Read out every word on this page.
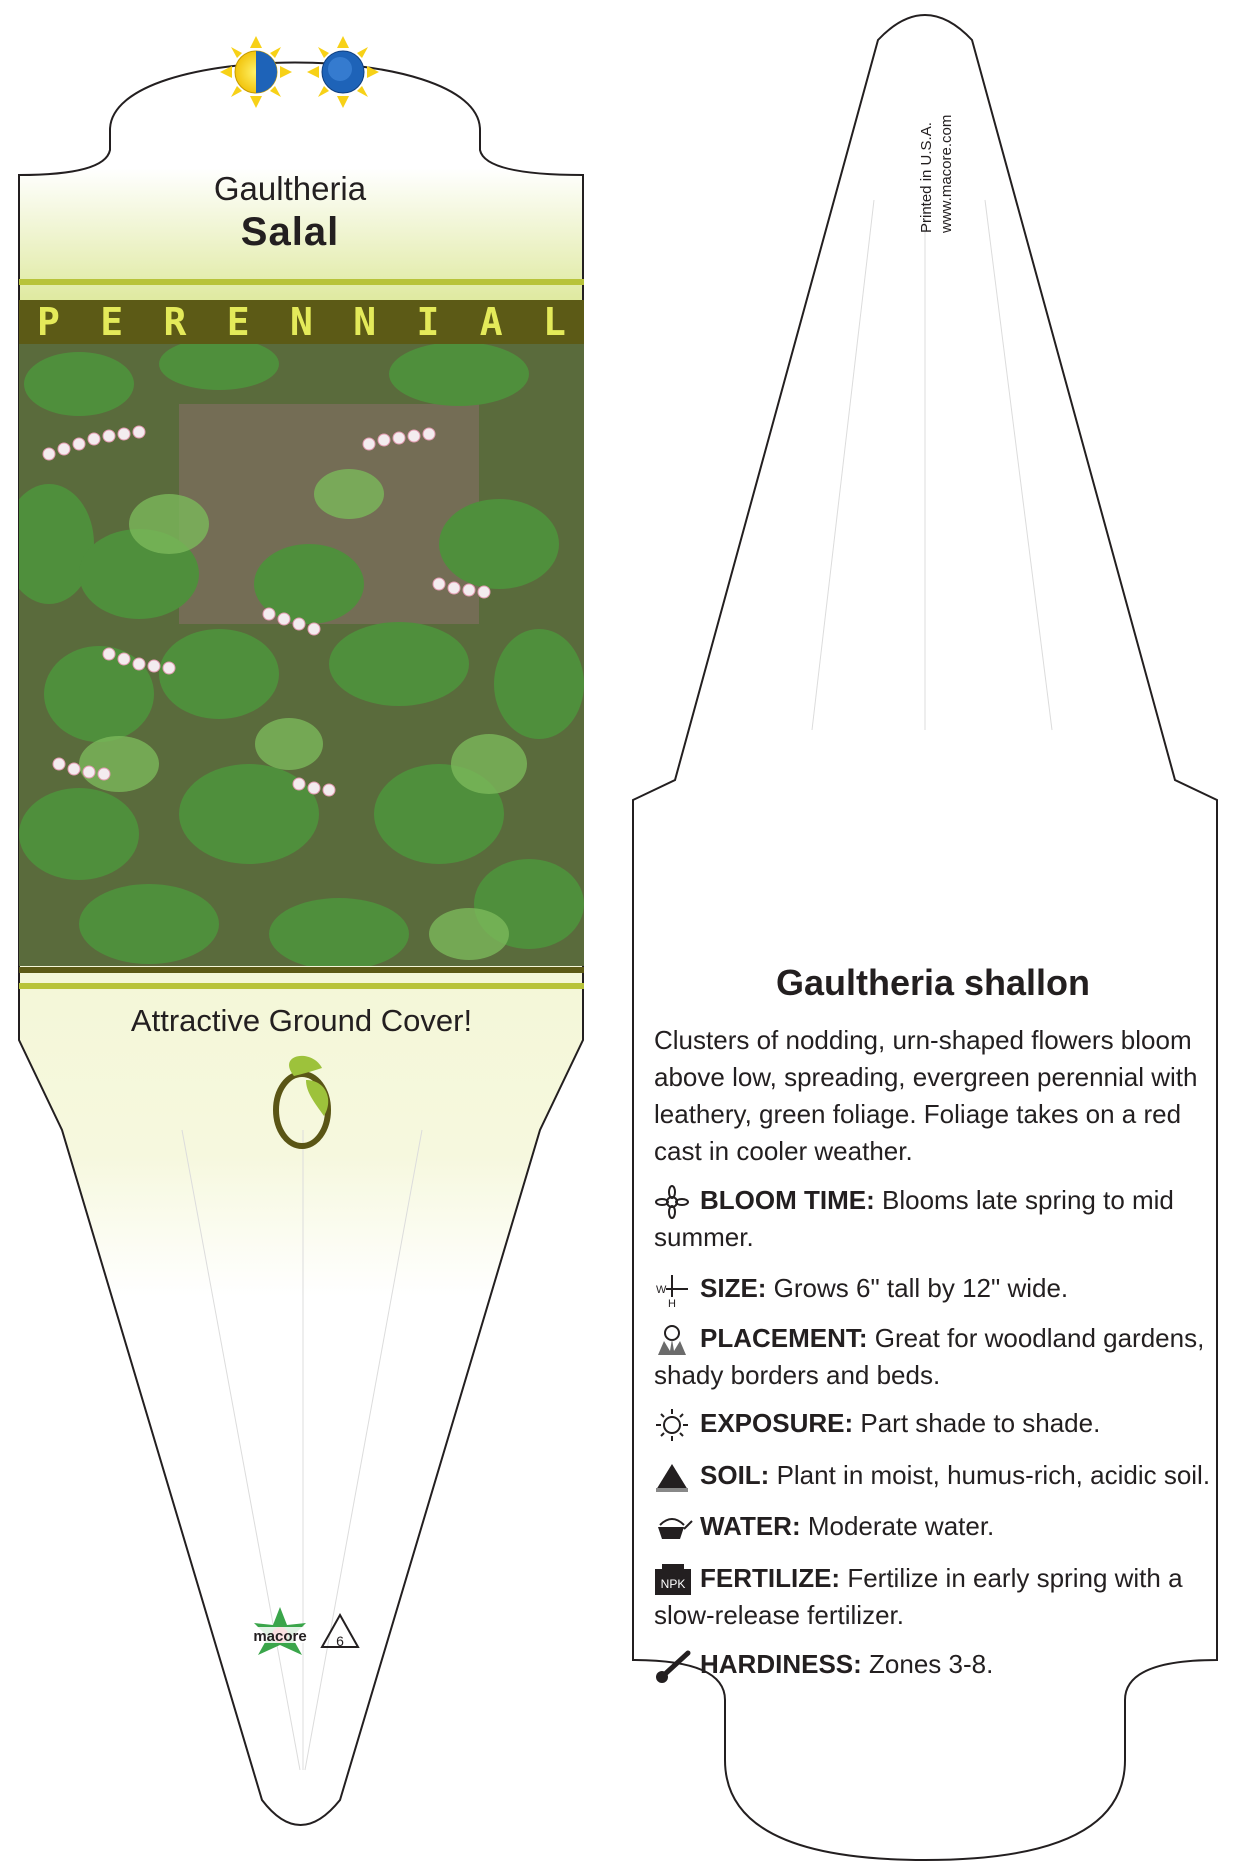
macore 6
Gaultheria
Salal
P E R E N N I A L
Attractive Ground Cover!
Printed in U.S.A. www.macore.com
Gaultheria shallon
Clusters of nodding, urn-shaped flowers bloom above low, spreading, evergreen perennial with leathery, green foliage. Foliage takes on a red cast in cooler weather.
BLOOM TIME: Blooms late spring to mid summer.
W
H
SIZE: Grows 6" tall by 12" wide.
PLACEMENT: Great for woodland gardens, shady borders and beds.
EXPOSURE: Part shade to shade.
SOIL: Plant in moist, humus-rich, acidic soil.
WATER: Moderate water.
NPK FERTILIZE: Fertilize in early spring with a slow-release fertilizer.
HARDINESS: Zones 3-8.
